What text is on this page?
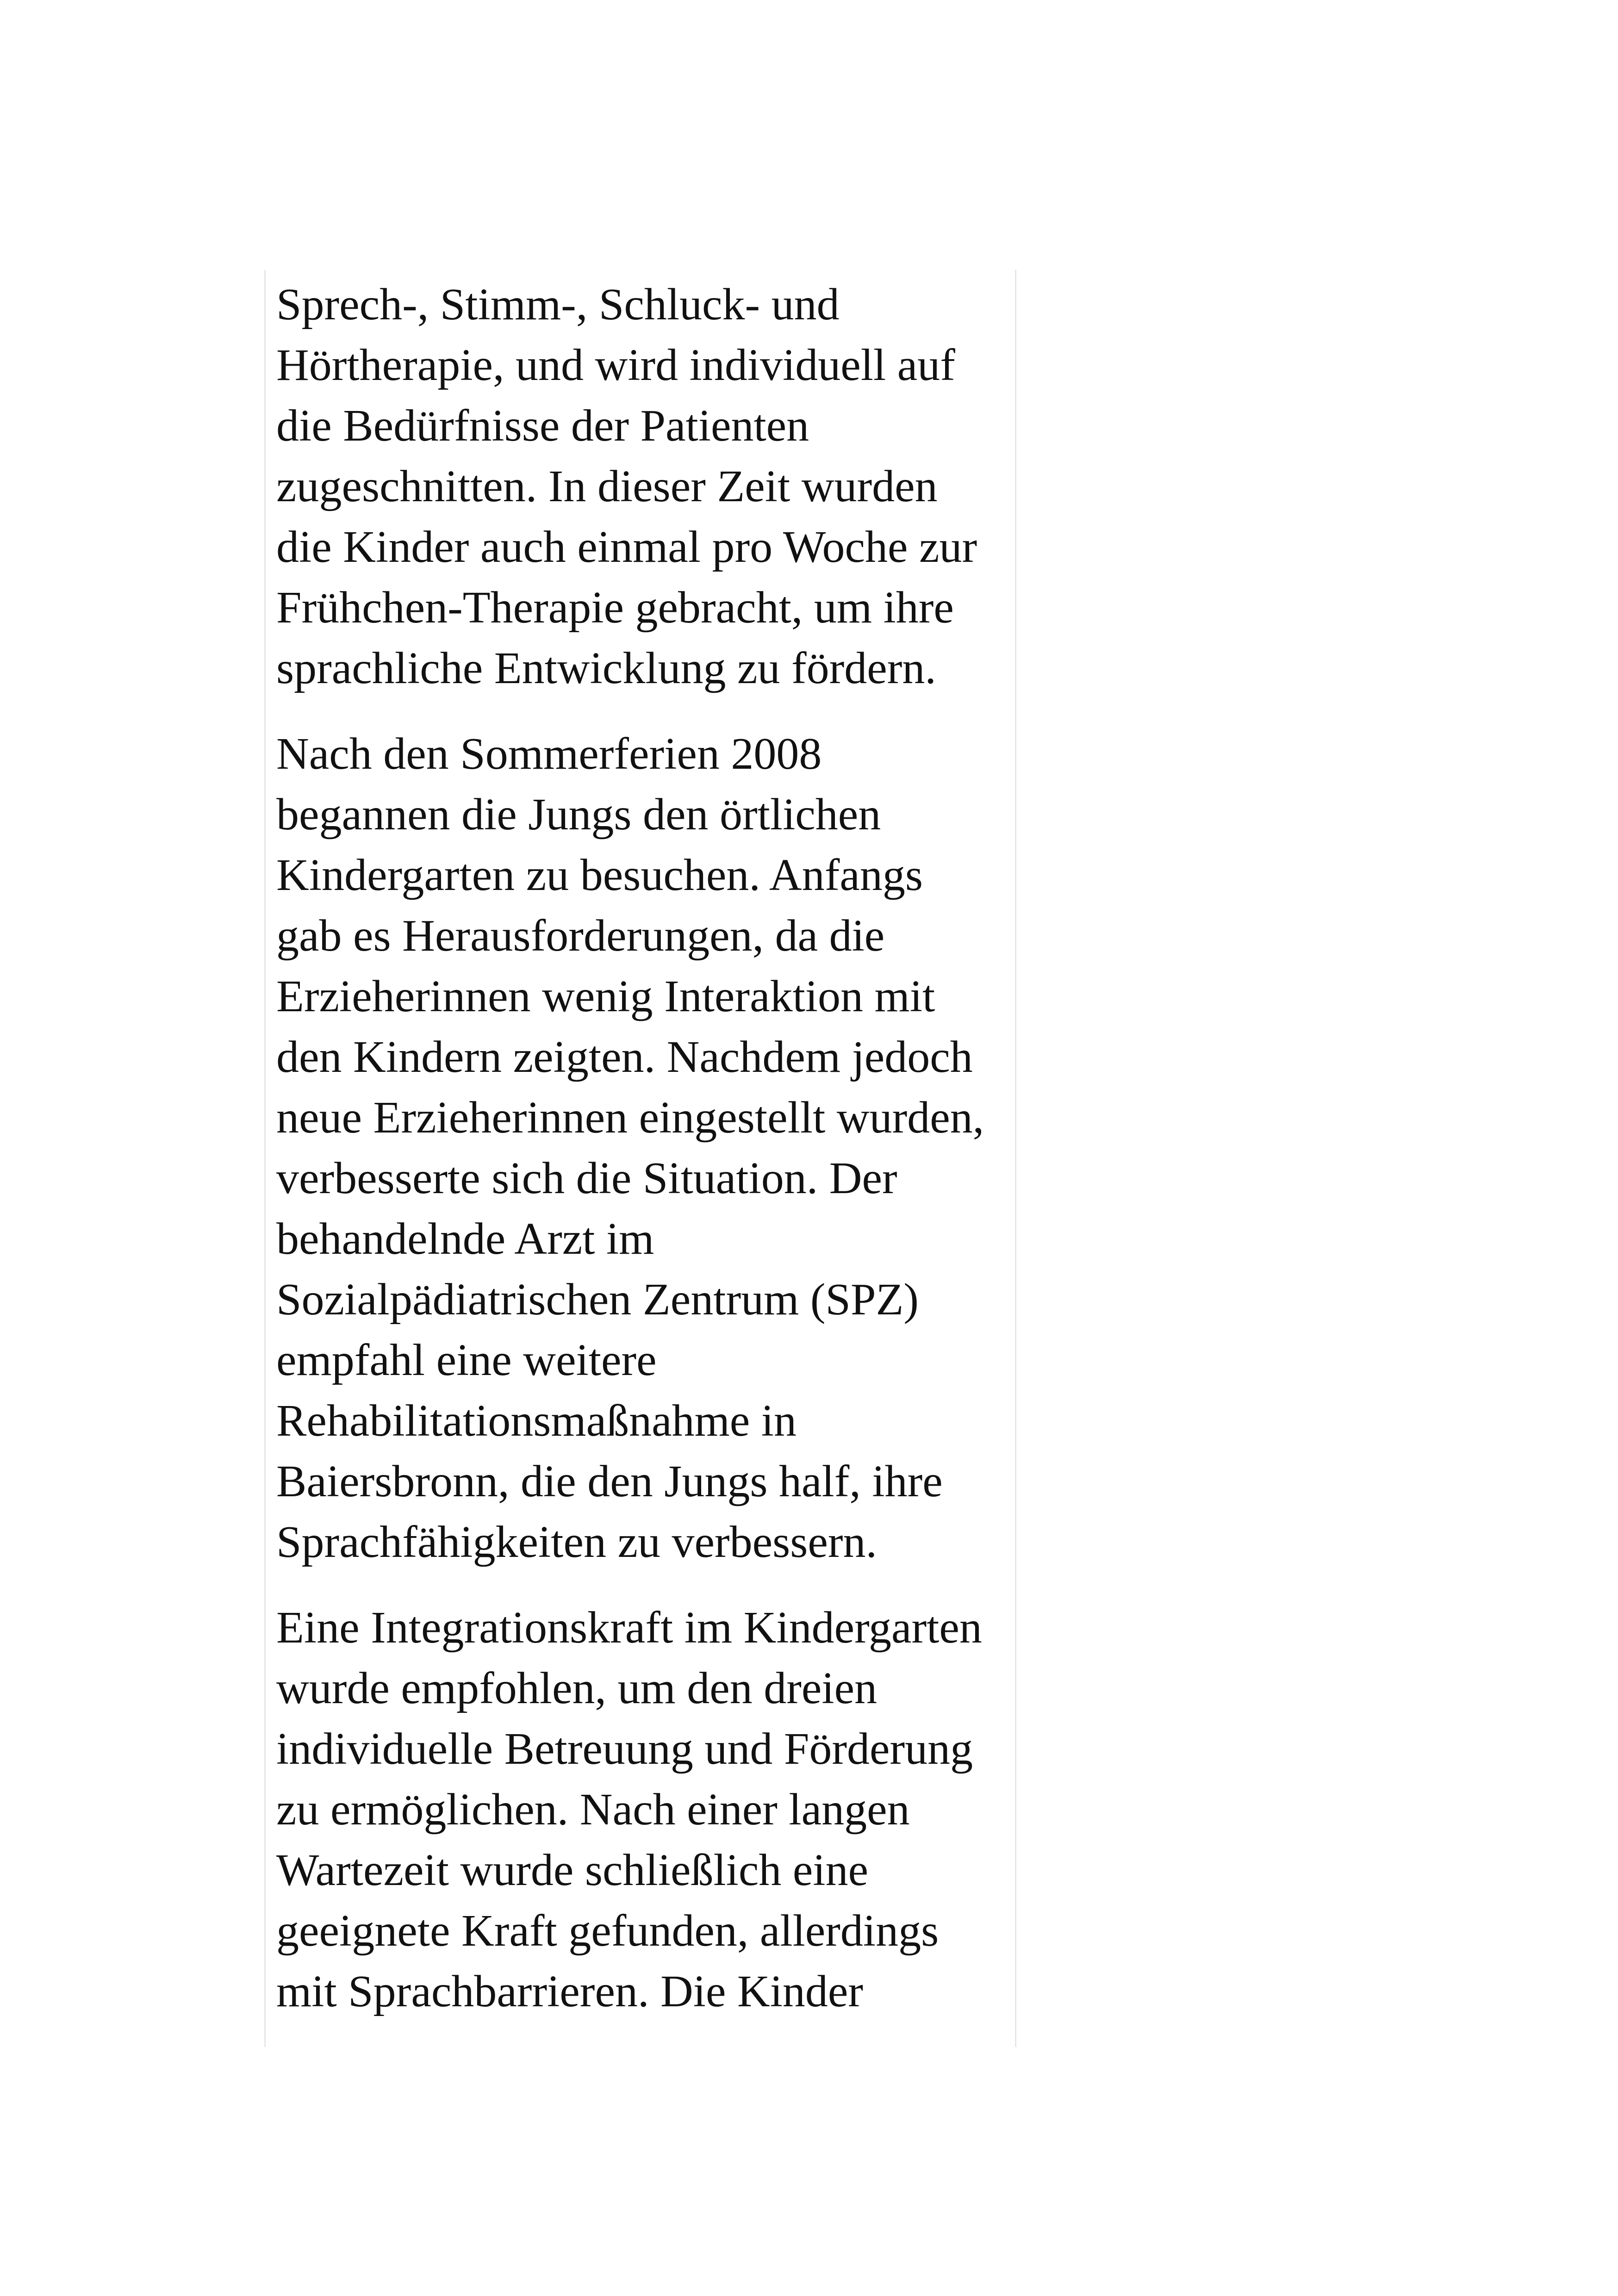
Sprech-, Stimm-, Schluck- und
Hörtherapie, und wird individuell auf
die Bedürfnisse der Patienten
zugeschnitten. In dieser Zeit wurden
die Kinder auch einmal pro Woche zur
Frühchen-Therapie gebracht, um ihre
sprachliche Entwicklung zu fördern.

Nach den Sommerferien 2008
begannen die Jungs den örtlichen
Kindergarten zu besuchen. Anfangs
gab es Herausforderungen, da die
Erzieherinnen wenig Interaktion mit
den Kindern zeigten. Nachdem jedoch
neue Erzieherinnen eingestellt wurden,
verbesserte sich die Situation. Der
behandelnde Arzt im
Sozialpädiatrischen Zentrum (SPZ)
empfahl eine weitere
Rehabilitationsmaßnahme in
Baiersbronn, die den Jungs half, ihre
Sprachfähigkeiten zu verbessern.

Eine Integrationskraft im Kindergarten
wurde empfohlen, um den dreien
individuelle Betreuung und Förderung
zu ermöglichen. Nach einer langen
Wartezeit wurde schließlich eine
geeignete Kraft gefunden, allerdings
mit Sprachbarrieren. Die Kinder
